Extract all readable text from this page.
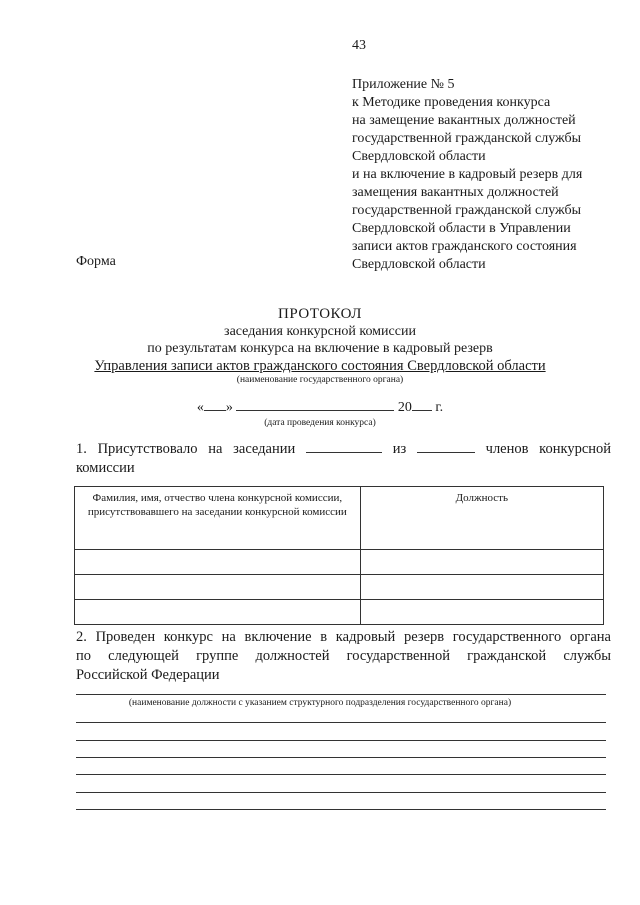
43
Приложение № 5
к Методике проведения конкурса
на замещение вакантных должностей
государственной гражданской службы
Свердловской области
и на включение в кадровый резерв для
замещения вакантных должностей
государственной гражданской службы
Свердловской области в Управлении
записи актов гражданского состояния
Свердловской области
Форма
ПРОТОКОЛ
заседания конкурсной комиссии
по результатам конкурса на включение в кадровый резерв
Управления записи актов гражданского состояния Свердловской области
(наименование государственного органа)
« »	20 г.
(дата проведения конкурса)
1. Присутствовало на заседании	из	членов конкурсной
комиссии
Фамилия, имя, отчество члена конкурсной комиссии, присутствовавшего на заседании конкурсной комиссии	Должность

2. Проведен конкурс на включение в кадровый резерв государственного органа
по следующей группе должностей государственной гражданской службы
Российской Федерации
(наименование должности с указанием структурного подразделения государственного органа)
